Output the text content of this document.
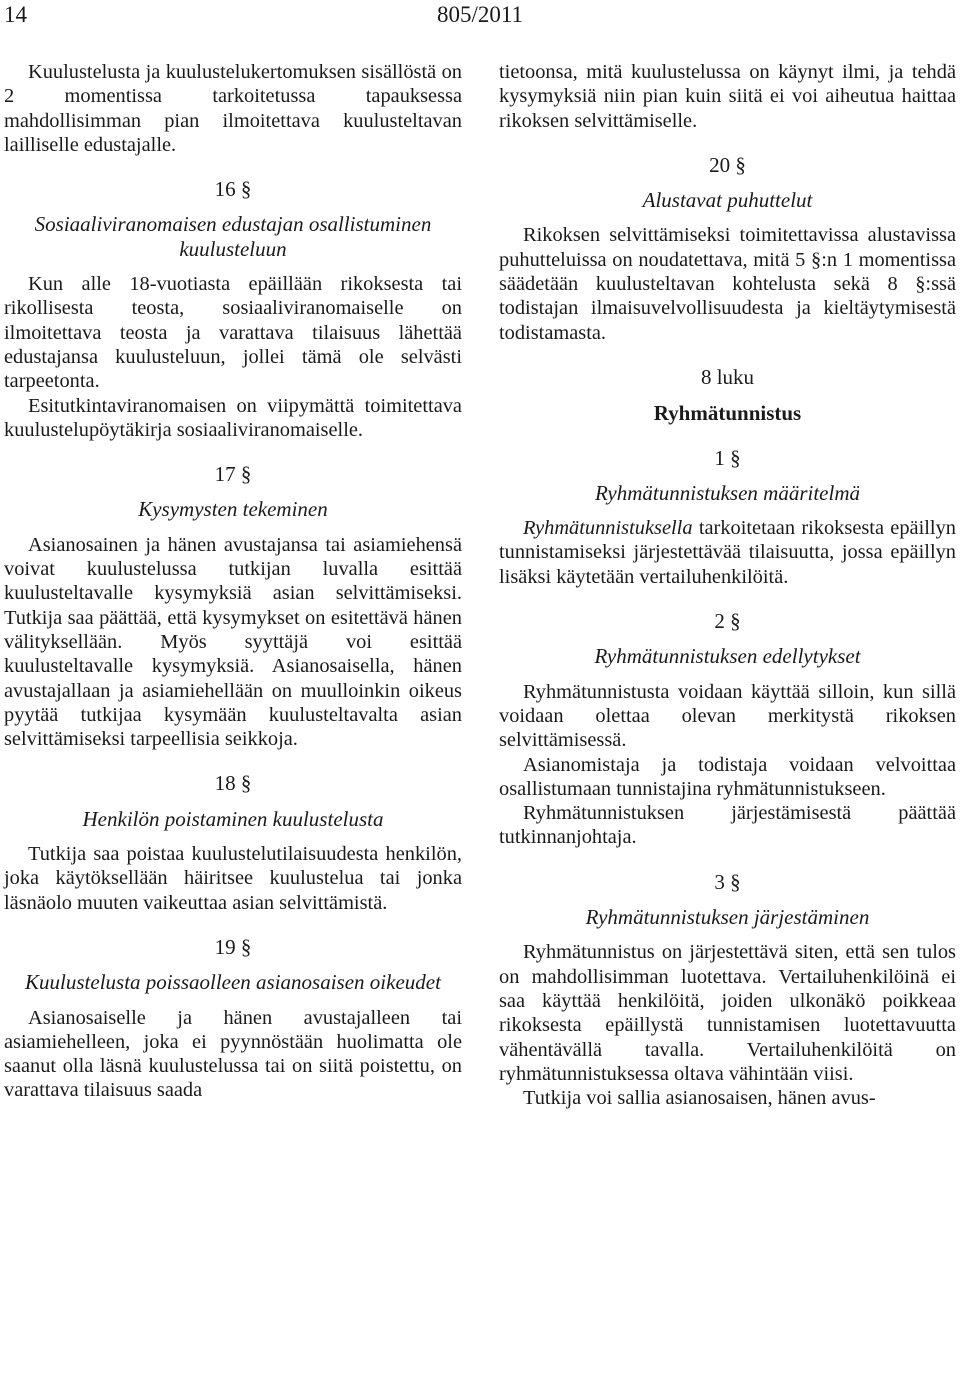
14	805/2011

Kuulustelusta ja kuulustelukertomuksen sisällöstä on 2 momentissa tarkoitetussa tapauksessa mahdollisimman pian ilmoitettava kuulusteltavan lailliselle edustajalle.

16 §

Sosiaaliviranomaisen edustajan osallistuminen kuulusteluun

Kun alle 18-vuotiasta epäillään rikoksesta tai rikollisesta teosta, sosiaaliviranomaiselle on ilmoitettava teosta ja varattava tilaisuus lähettää edustajansa kuulusteluun, jollei tämä ole selvästi tarpeetonta.

Esitutkintaviranomaisen on viipymättä toimitettava kuulustelupöytäkirja sosiaaliviranomaiselle.

17 §

Kysymysten tekeminen

Asianosainen ja hänen avustajansa tai asiamiehensä voivat kuulustelussa tutkijan luvalla esittää kuulusteltavalle kysymyksiä asian selvittämiseksi. Tutkija saa päättää, että kysymykset on esitettävä hänen välityksellään. Myös syyttäjä voi esittää kuulusteltavalle kysymyksiä. Asianosaisella, hänen avustajallaan ja asiamiehellään on muulloinkin oikeus pyytää tutkijaa kysymään kuulusteltavalta asian selvittämiseksi tarpeellisia seikkoja.

18 §

Henkilön poistaminen kuulustelusta

Tutkija saa poistaa kuulustelutilaisuudesta henkilön, joka käytöksellään häiritsee kuulustelua tai jonka läsnäolo muuten vaikeuttaa asian selvittämistä.

19 §

Kuulustelusta poissaolleen asianosaisen oikeudet

Asianosaiselle ja hänen avustajalleen tai asiamiehelleen, joka ei pyynnöstään huolimatta ole saanut olla läsnä kuulustelussa tai on siitä poistettu, on varattava tilaisuus saada

tietoonsa, mitä kuulustelussa on käynyt ilmi, ja tehdä kysymyksiä niin pian kuin siitä ei voi aiheutua haittaa rikoksen selvittämiselle.

20 §

Alustavat puhuttelut

Rikoksen selvittämiseksi toimitettavissa alustavissa puhutteluissa on noudatettava, mitä 5 §:n 1 momentissa säädetään kuulusteltavan kohtelusta sekä 8 §:ssä todistajan ilmaisuvelvollisuudesta ja kieltäytymisestä todistamasta.

8 luku

Ryhmätunnistus

1 §

Ryhmätunnistuksen määritelmä

Ryhmätunnistuksella tarkoitetaan rikoksesta epäillyn tunnistamiseksi järjestettävää tilaisuutta, jossa epäillyn lisäksi käytetään vertailuhenkilöitä.

2 §

Ryhmätunnistuksen edellytykset

Ryhmätunnistusta voidaan käyttää silloin, kun sillä voidaan olettaa olevan merkitystä rikoksen selvittämisessä.

Asianomistaja ja todistaja voidaan velvoittaa osallistumaan tunnistajina ryhmätunnistukseen.

Ryhmätunnistuksen järjestämisestä päättää tutkinnanjohtaja.

3 §

Ryhmätunnistuksen järjestäminen

Ryhmätunnistus on järjestettävä siten, että sen tulos on mahdollisimman luotettava. Vertailuhenkilöinä ei saa käyttää henkilöitä, joiden ulkonäkö poikkeaa rikoksesta epäillystä tunnistamisen luotettavuutta vähentävällä tavalla. Vertailuhenkilöitä on ryhmätunnistuksessa oltava vähintään viisi.

Tutkija voi sallia asianosaisen, hänen avus-
